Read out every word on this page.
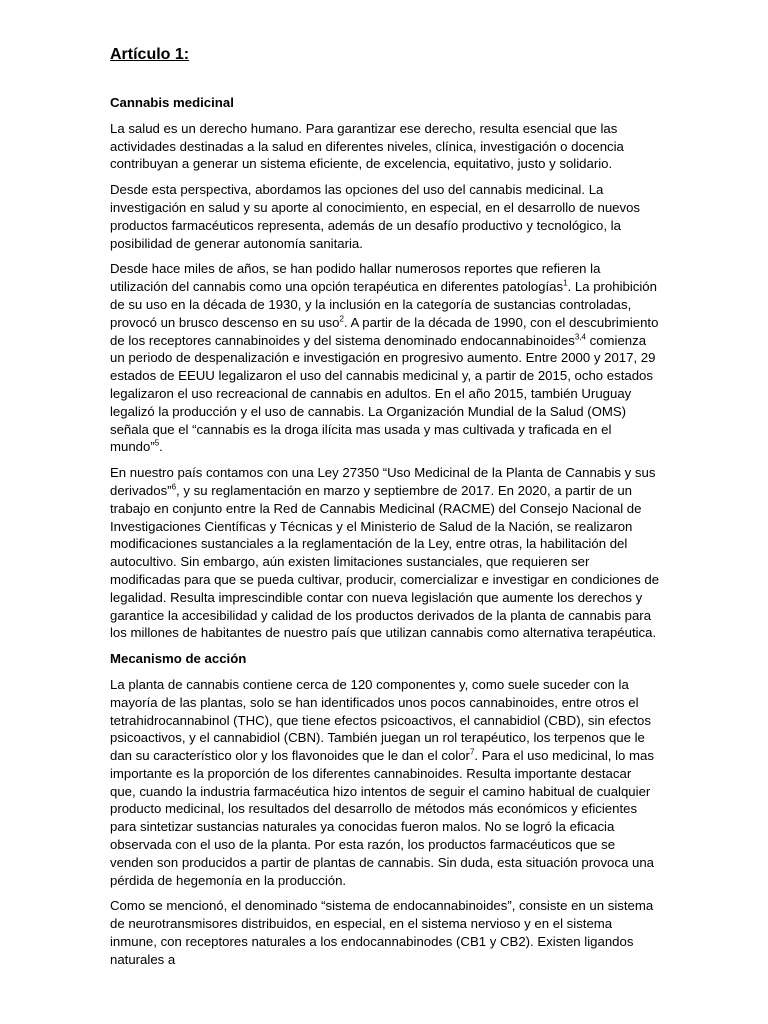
Artículo 1:
Cannabis medicinal

La salud es un derecho humano. Para garantizar ese derecho, resulta esencial que las actividades destinadas a la salud en diferentes niveles, clínica, investigación o docencia contribuyan a generar un sistema eficiente, de excelencia, equitativo, justo y solidario.

Desde esta perspectiva, abordamos las opciones del uso del cannabis medicinal. La investigación en salud y su aporte al conocimiento, en especial, en el desarrollo de nuevos productos farmacéuticos representa, además de un desafío productivo y tecnológico, la posibilidad de generar autonomía sanitaria.

Desde hace miles de años, se han podido hallar numerosos reportes que refieren la utilización del cannabis como una opción terapéutica en diferentes patologías$^1$. La prohibición de su uso en la década de 1930, y la inclusión en la categoría de sustancias controladas, provocó un brusco descenso en su uso$^2$. A partir de la década de 1990, con el descubrimiento de los receptores cannabinoides y del sistema denominado endocannabinoides$^{3,4}$ comienza un periodo de despenalización e investigación en progresivo aumento. Entre 2000 y 2017, 29 estados de EEUU legalizaron el uso del cannabis medicinal y, a partir de 2015, ocho estados legalizaron el uso recreacional de cannabis en adultos. En el año 2015, también Uruguay legalizó la producción y el uso de cannabis. La Organización Mundial de la Salud (OMS) señala que el “cannabis es la droga ilícita mas usada y mas cultivada y traficada en el mundo”$^5$.

En nuestro país contamos con una Ley 27350 “Uso Medicinal de la Planta de Cannabis y sus derivados”$^6$, y su reglamentación en marzo y septiembre de 2017. En 2020, a partir de un trabajo en conjunto entre la Red de Cannabis Medicinal (RACME) del Consejo Nacional de Investigaciones Científicas y Técnicas y el Ministerio de Salud de la Nación, se realizaron modificaciones sustanciales a la reglamentación de la Ley, entre otras, la habilitación del autocultivo. Sin embargo, aún existen limitaciones sustanciales, que requieren ser modificadas para que se pueda cultivar, producir, comercializar e investigar en condiciones de legalidad. Resulta imprescindible contar con nueva legislación que aumente los derechos y garantice la accesibilidad y calidad de los productos derivados de la planta de cannabis para los millones de habitantes de nuestro país que utilizan cannabis como alternativa terapéutica.

Mecanismo de acción

La planta de cannabis contiene cerca de 120 componentes y, como suele suceder con la mayoría de las plantas, solo se han identificados unos pocos cannabinoides, entre otros el tetrahidrocannabinol (THC), que tiene efectos psicoactivos, el cannabidiol (CBD), sin efectos psicoactivos, y el cannabidiol (CBN). También juegan un rol terapéutico, los terpenos que le dan su característico olor y los flavonoides que le dan el color$^7$. Para el uso medicinal, lo mas importante es la proporción de los diferentes cannabinoides. Resulta importante destacar que, cuando la industria farmacéutica hizo intentos de seguir el camino habitual de cualquier producto medicinal, los resultados del desarrollo de métodos más económicos y eficientes para sintetizar sustancias naturales ya conocidas fueron malos. No se logró la eficacia observada con el uso de la planta. Por esta razón, los productos farmacéuticos que se venden son producidos a partir de plantas de cannabis. Sin duda, esta situación provoca una pérdida de hegemonía en la producción.

Como se mencionó, el denominado “sistema de endocannabinoides”, consiste en un sistema de neurotransmisores distribuidos, en especial, en el sistema nervioso y en el sistema inmune, con receptores naturales a los endocannabinodes (CB1 y CB2). Existen ligandos naturales a
